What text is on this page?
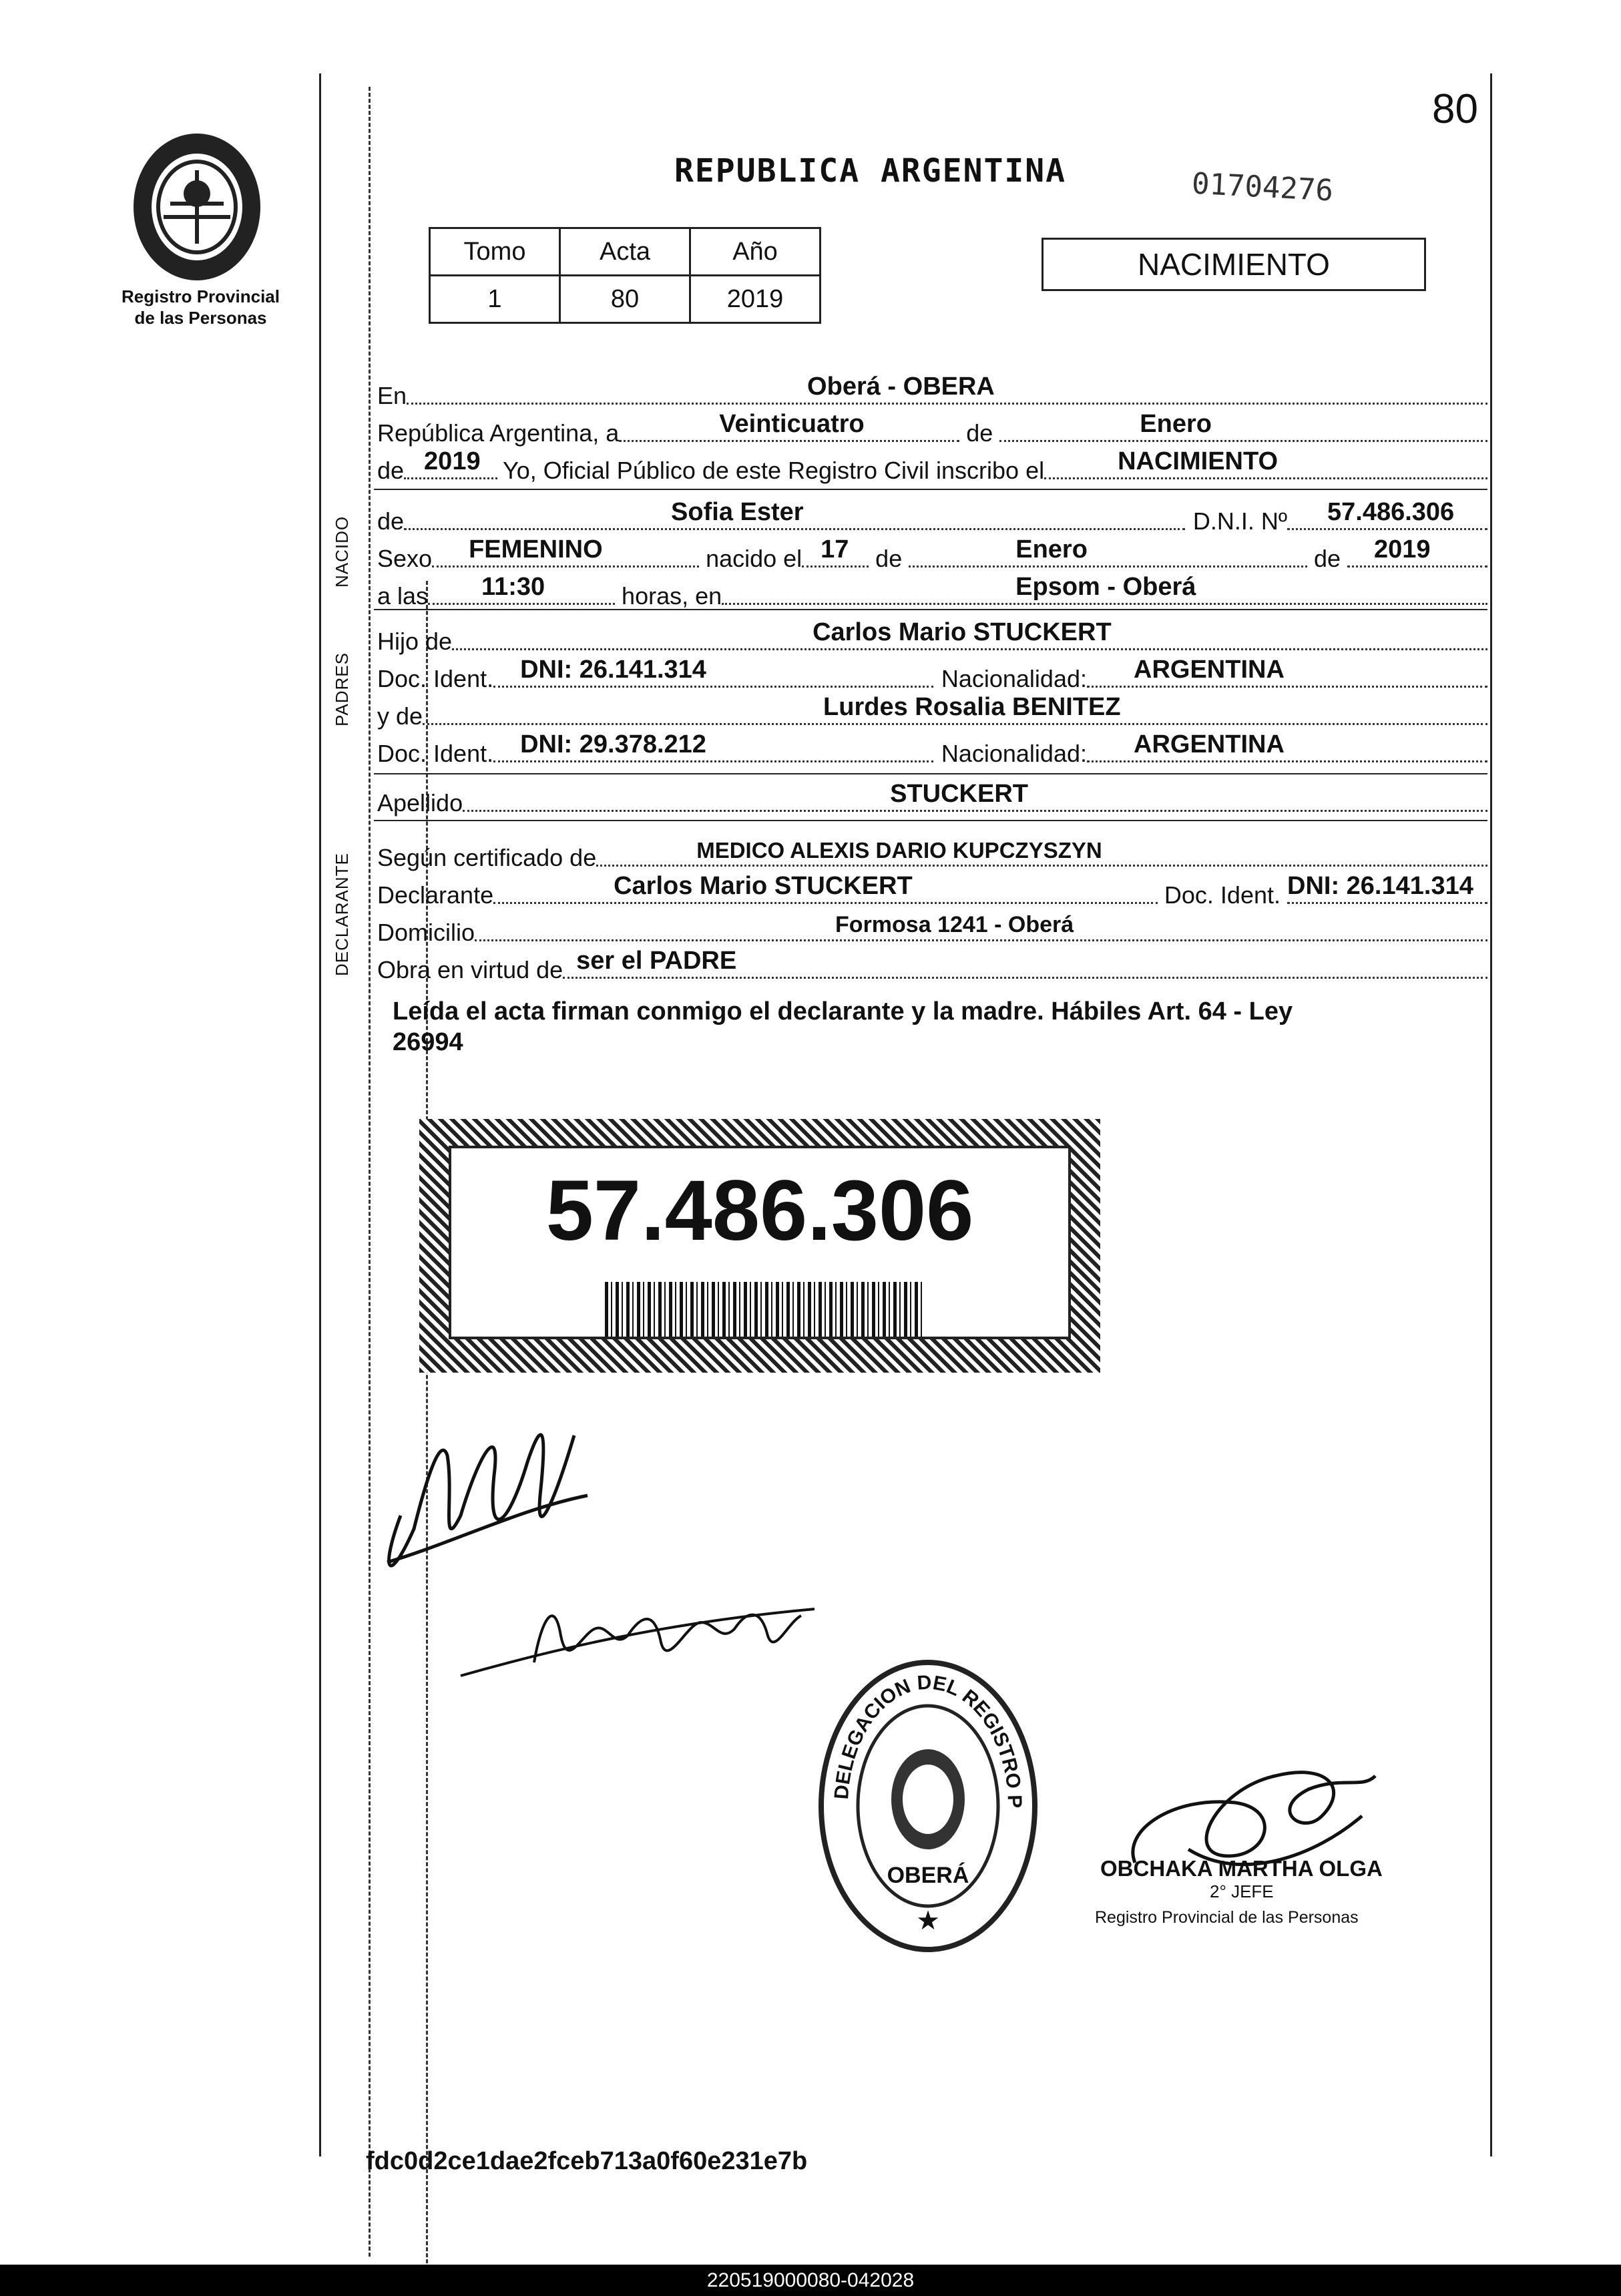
80
Registro Provincial de las Personas
REPUBLICA ARGENTINA	01704276
NACIMIENTO
Tomo	Acta	Año
1	80	2019
NACIDO
PADRES
DECLARANTE
En	Oberá - OBERA
República Argentina, a	Veinticuatro	de	Enero
de 2019 Yo, Oficial Público de este Registro Civil inscribo el	NACIMIENTO
de	Sofia Ester	D.N.I. Nº 57.486.306
Sexo FEMENINO	nacido el 17 de	Enero	de 2019
a las 11:30	horas, en	Epsom - Oberá
Hijo de	Carlos Mario STUCKERT
Doc. Ident. DNI: 26.141.314	Nacionalidad: ARGENTINA
y de	Lurdes Rosalia BENITEZ
Doc. Ident. DNI: 29.378.212	Nacionalidad: ARGENTINA
Apellido	STUCKERT
Según certificado de	MEDICO ALEXIS DARIO KUPCZYSZYN
Declarante	Carlos Mario STUCKERT	Doc. Ident. DNI: 26.141.314
Domicilio	Formosa 1241 - Oberá
Obra en virtud de ser el PADRE
Leída el acta firman conmigo el declarante y la madre. Hábiles Art. 64 - Ley
26994
57.486.306
DELEGACION DEL REGISTRO P
OBERÁ
★
OBCHAKA MARTHA OLGA
2° JEFE
Registro Provincial de las Personas
fdc0d2ce1dae2fceb713a0f60e231e7b
220519000080-042028
